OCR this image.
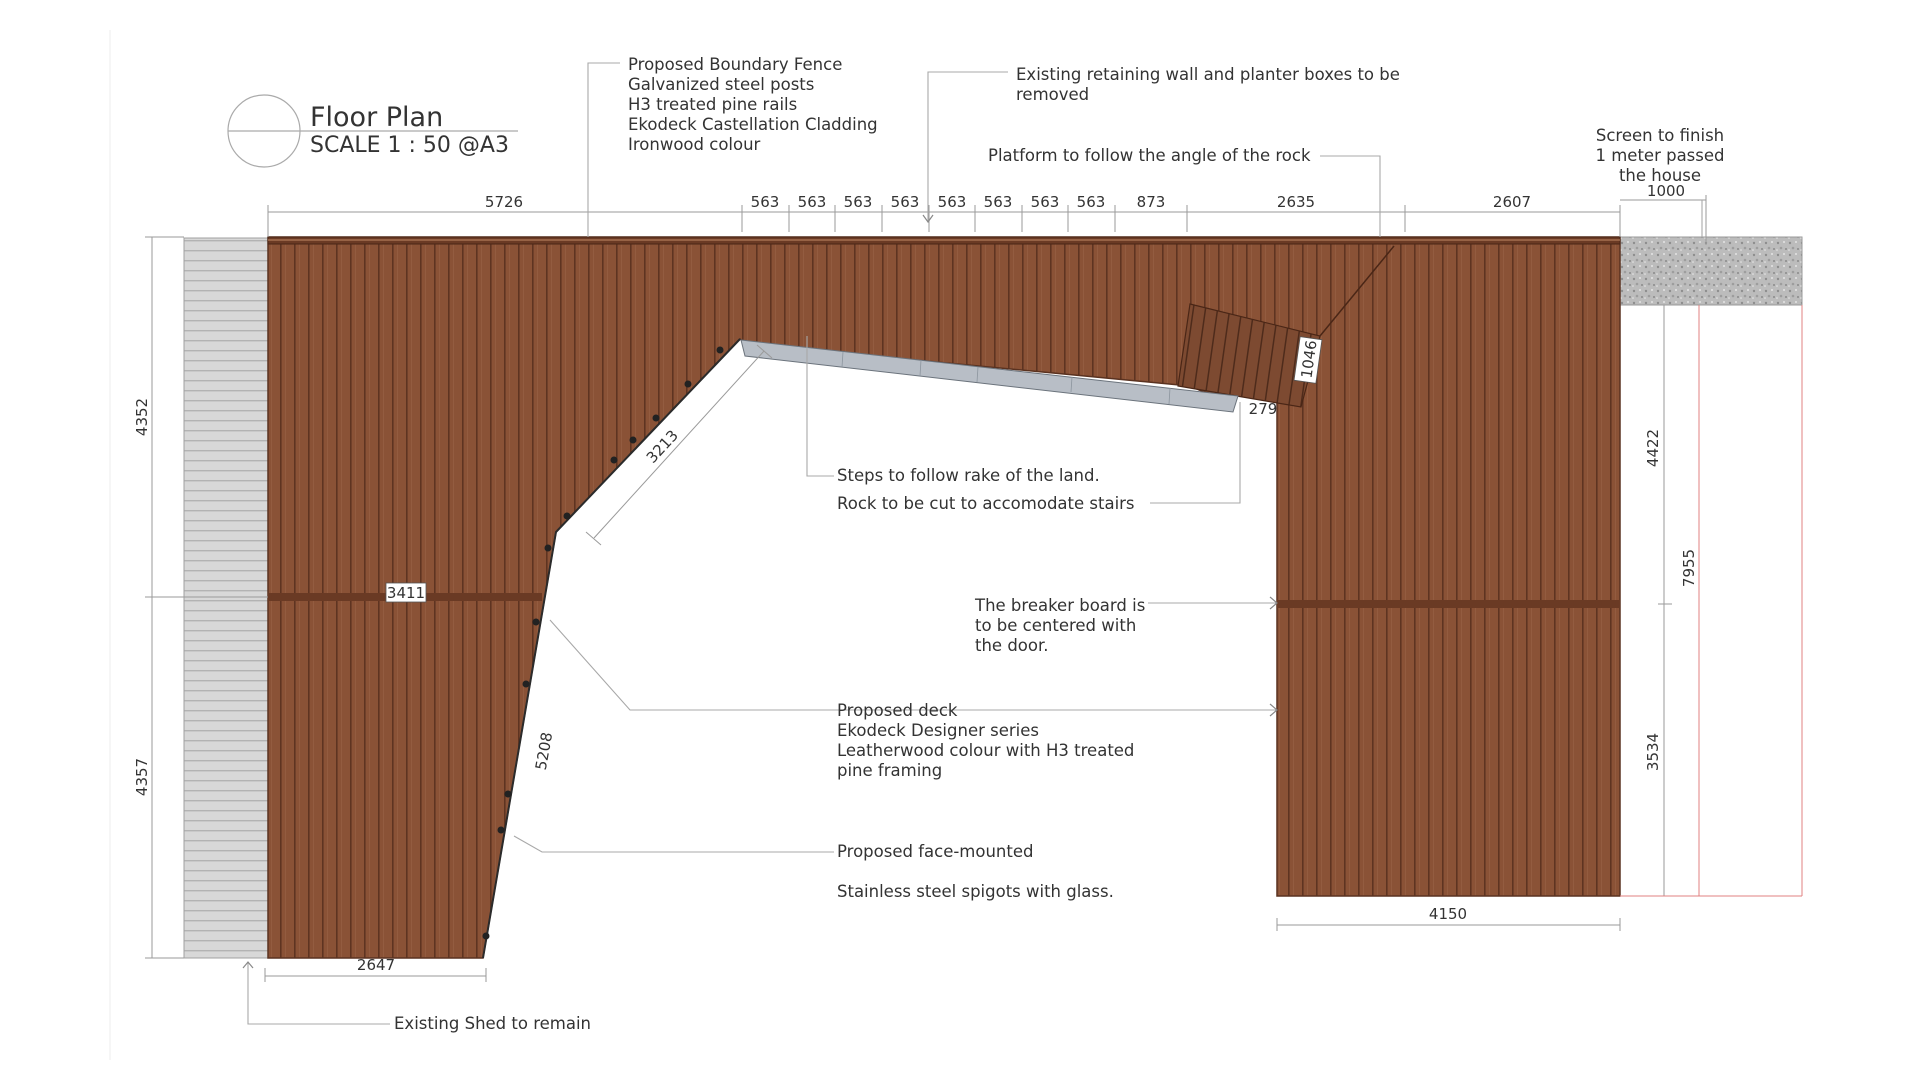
Floor Plan
SCALE 1 : 50 @A3
5726	563 563 563 563 563 563 563 563 873	2635	2607
1000
4352
4357
4422
3534
7955
3213
5208
3411
2647
4150
1046
279
Proposed Boundary Fence
Galvanized steel posts
H3 treated pine rails
Ekodeck Castellation Cladding
Ironwood colour
Existing retaining wall and planter boxes to be
removed
Platform to follow the angle of the rock
Screen to finish
1 meter passed
the house
Steps to follow rake of the land.
Rock to be cut to accomodate stairs
The breaker board is
to be centered with
the door.
Proposed deck
Ekodeck Designer series
Leatherwood colour with H3 treated
pine framing
Proposed face-mounted
Stainless steel spigots with glass.
Existing Shed to remain
